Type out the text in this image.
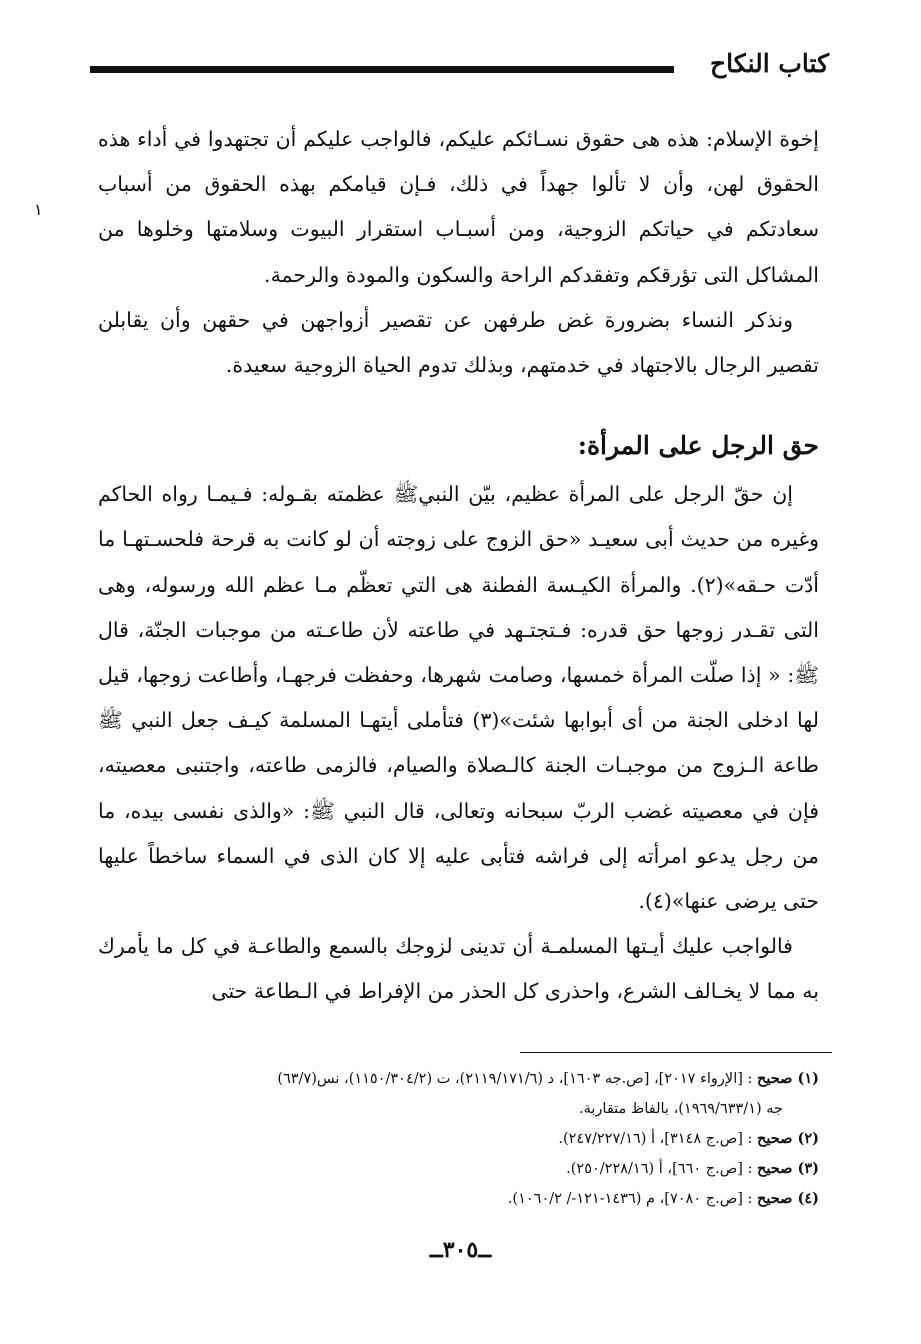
كتاب النكاح
١

إخوة الإسلام: هذه هى حقوق نسـائكم عليكم، فالواجب عليكم أن تجتهدوا في أداء هذه الحقوق لهن، وأن لا تألوا جهداً في ذلك، فـإن قيامكم بهذه الحقوق من أسباب سعادتكم في حياتكم الزوجية، ومن أسبـاب استقرار البيوت وسلامتها وخلوها من المشاكل التى تؤرقكم وتفقدكم الراحة والسكون والمودة والرحمة.

ونذكر النساء بضرورة غض طرفهن عن تقصير أزواجهن في حقهن وأن يقابلن تقصير الرجال بالاجتهاد في خدمتهم، وبذلك تدوم الحياة الزوجية سعيدة.

حق الرجل على المرأة:

إن حقّ الرجل على المرأة عظيم، بيّن النبيﷺ عظمته بقـوله: فـيمـا رواه الحاكم وغيره من حديث أبى سعيـد «حق الزوج على زوجته أن لو كانت به قرحة فلحسـتهـا ما أدّت حـقه»(٢). والمرأة الكيـسة الفطنة هى التي تعظّم مـا عظم الله ورسوله، وهى التى تقـدر زوجها حق قدره: فـتجتـهد في طاعته لأن طاعـته من موجبات الجنّة، قال ﷺ: « إذا صلّت المرأة خمسها، وصامت شهرها، وحفظت فرجهـا، وأطاعت زوجها، قيل لها ادخلى الجنة من أى أبوابها شئت»(٣) فتأملى أيتهـا المسلمة كيـف جعل النبي ﷺ طاعة الـزوج من موجبـات الجنة كالـصلاة والصيام، فالزمى طاعته، واجتنبى معصيته، فإن في معصيته غضب الربّ سبحانه وتعالى، قال النبي ﷺ: «والذى نفسى بيده، ما من رجل يدعو امرأته إلى فراشه فتأبى عليه إلا كان الذى في السماء ساخطاً عليها حتى يرضى عنها»(٤).

فالواجب عليك أيـتها المسلمـة أن تدينى لزوجك بالسمع والطاعـة في كل ما يأمرك به مما لا يخـالف الشرع، واحذرى كل الحذر من الإفراط في الـطاعة حتى

(١) صحيح : [الإرواء ٢٠١٧]، [ص.جه ١٦٠٣]، د (٢١١٩/١٧١/٦)، ت (١١٥٠/٣٠٤/٢)، نس(٦٣/٧)

جه (١٩٦٩/٦٣٣/١)، بالفاظ متقاربة.

(٢) صحيح : [ص.ج ٣١٤٨]، أ (٢٤٧/٢٢٧/١٦).

(٣) صحيح : [ص.ج ٦٦٠]، أ (٢٥٠/٢٢٨/١٦).

(٤) صحيح : [ص.ج ٧٠٨٠]، م (١٤٣٦-١٢١-/ ١٠٦٠/٢).

ــ٣٠٥ــ
